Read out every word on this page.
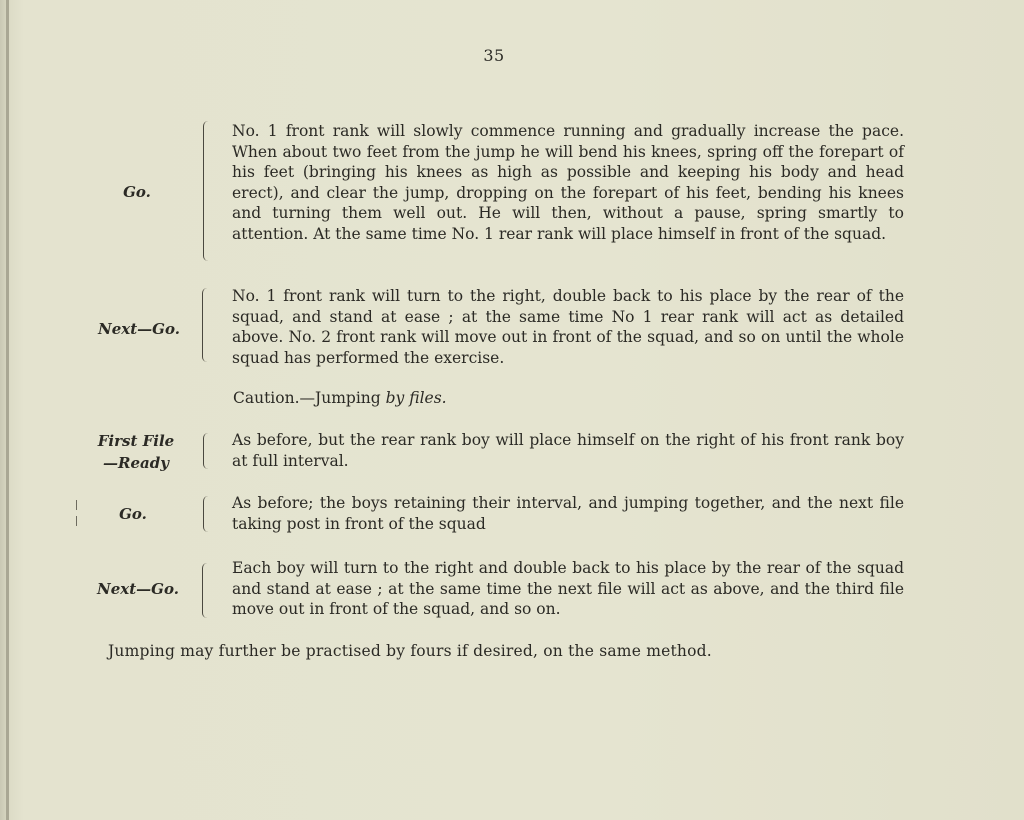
35
Go.

No. 1 front rank will slowly commence running and gradually increase the pace. When about two feet from the jump he will bend his knees, spring off the forepart of his feet (bringing his knees as high as possible and keeping his body and head erect), and clear the jump, dropping on the forepart of his feet, bending his knees and turning them well out. He will then, without a pause, spring smartly to attention. At the same time No. 1 rear rank will place himself in front of the squad.

Next—Go.

No. 1 front rank will turn to the right, double back to his place by the rear of the squad, and stand at ease ; at the same time No 1 rear rank will act as detailed above. No. 2 front rank will move out in front of the squad, and so on until the whole squad has performed the exercise.

Caution.—Jumping by files.
First File
—Ready

As before, but the rear rank boy will place himself on the right of his front rank boy at full interval.

Go.

As before; the boys retaining their interval, and jumping together, and the next file taking post in front of the squad

Next—Go.

Each boy will turn to the right and double back to his place by the rear of the squad and stand at ease ; at the same time the next file will act as above, and the third file move out in front of the squad, and so on.

Jumping may further be practised by fours if desired, on the same method.
